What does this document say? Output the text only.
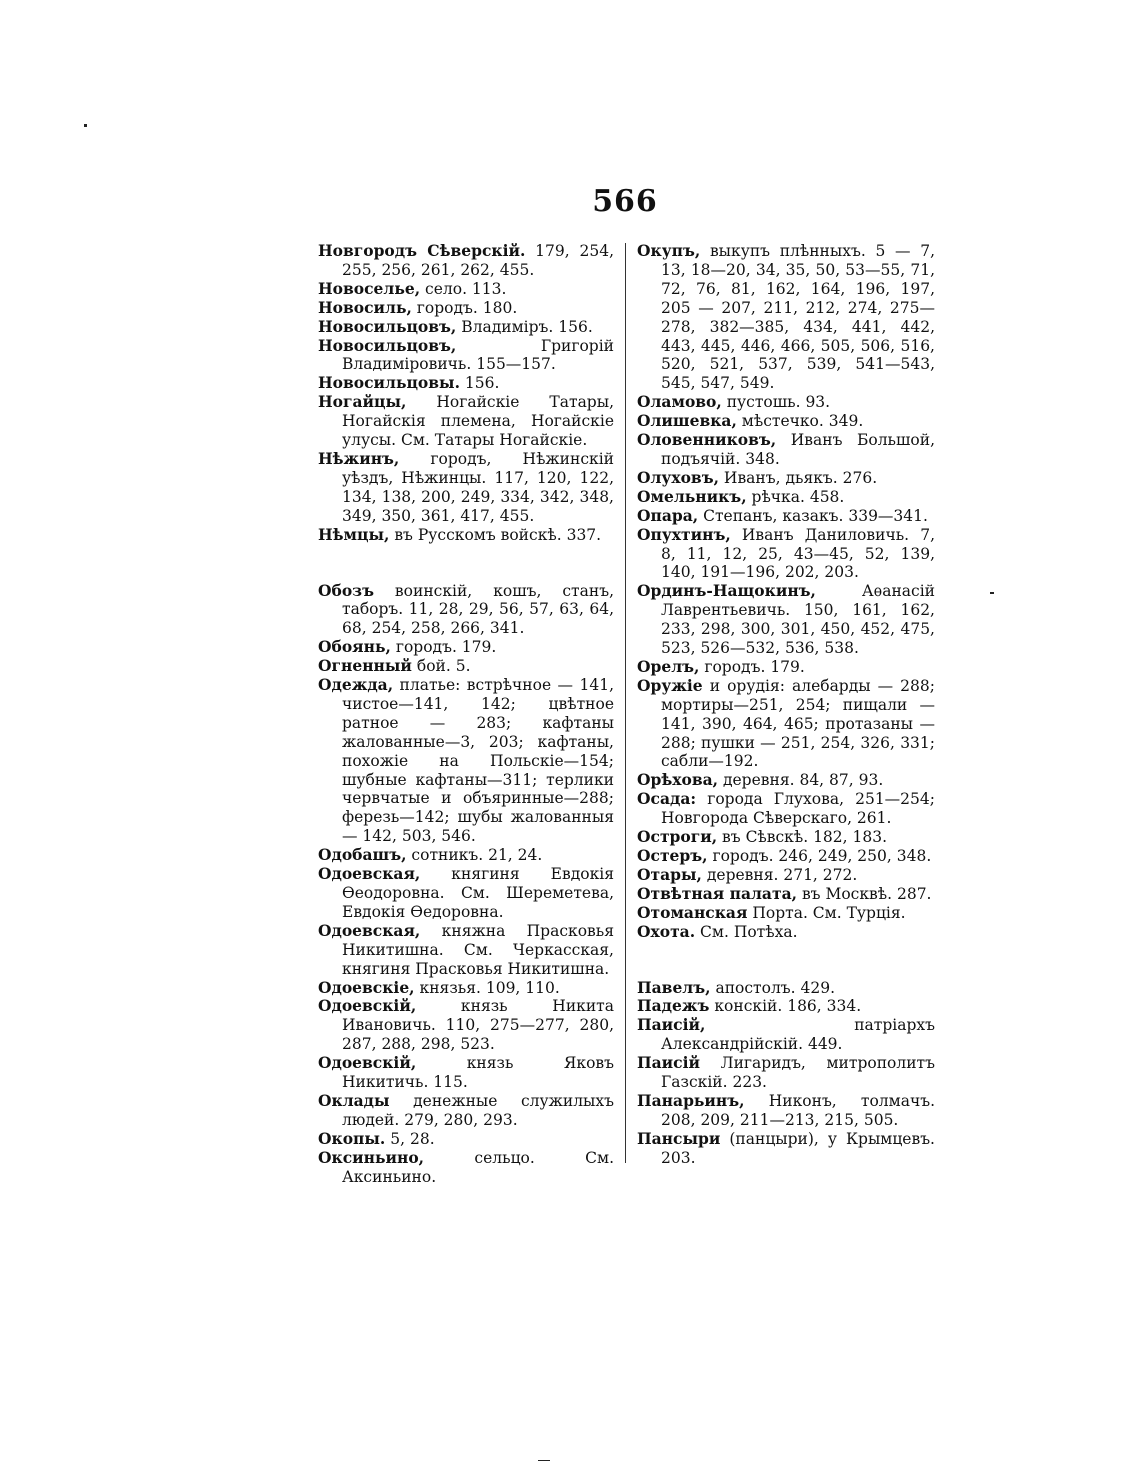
566
Новгородъ Сѣверскій. 179, 254, 255, 256, 261, 262, 455.
Новоселье, село. 113.
Новосиль, городъ. 180.
Новосильцовъ, Владиміръ. 156.
Новосильцовъ, Григорій Владиміровичь. 155—157.
Новосильцовы. 156.
Ногайцы, Ногайскіе Татары, Ногайскія племена, Ногайскіе улусы. См. Татары Ногайскіе.
Нѣжинъ, городъ, Нѣжинскій уѣздъ, Нѣжинцы. 117, 120, 122, 134, 138, 200, 249, 334, 342, 348, 349, 350, 361, 417, 455.
Нѣмцы, въ Русскомъ войскѣ. 337.
Обозъ воинскій, кошъ, станъ, таборъ. 11, 28, 29, 56, 57, 63, 64, 68, 254, 258, 266, 341.
Обоянь, городъ. 179.
Огненный бой. 5.
Одежда, платье: встрѣчное — 141, чистое—141, 142; цвѣтное ратное — 283; кафтаны жалованные—3, 203; кафтаны, похожіе на Польскіе—154; шубные кафтаны—311; терлики червчатые и объяринные—288; ферезь—142; шубы жалованныя — 142, 503, 546.
Одобашъ, сотникъ. 21, 24.
Одоевская, княгиня Евдокія Ѳеодоровна. См. Шереметева, Евдокія Ѳедоровна.
Одоевская, княжна Прасковья Никитишна. См. Черкасская, княгиня Прасковья Никитишна.
Одоевскіе, князья. 109, 110.
Одоевскій, князь Никита Ивановичь. 110, 275—277, 280, 287, 288, 298, 523.
Одоевскій, князь Яковъ Никитичь. 115.
Оклады денежные служилыхъ людей. 279, 280, 293.
Окопы. 5, 28.
Оксиньино, сельцо. См. Аксиньино.
Окупъ, выкупъ плѣнныхъ. 5 — 7, 13, 18—20, 34, 35, 50, 53—55, 71, 72, 76, 81, 162, 164, 196, 197, 205 — 207, 211, 212, 274, 275—278, 382—385, 434, 441, 442, 443, 445, 446, 466, 505, 506, 516, 520, 521, 537, 539, 541—543, 545, 547, 549.
Оламово, пустошь. 93.
Олишевка, мѣстечко. 349.
Оловенниковъ, Иванъ Большой, подъячій. 348.
Олуховъ, Иванъ, дьякъ. 276.
Омельникъ, рѣчка. 458.
Опара, Степанъ, казакъ. 339—341.
Опухтинъ, Иванъ Даниловичь. 7, 8, 11, 12, 25, 43—45, 52, 139, 140, 191—196, 202, 203.
Ординъ-Нащокинъ, Аѳанасій Лаврентьевичь. 150, 161, 162, 233, 298, 300, 301, 450, 452, 475, 523, 526—532, 536, 538.
Орелъ, городъ. 179.
Оружіе и орудія: алебарды — 288; мортиры—251, 254; пищали — 141, 390, 464, 465; протазаны —288; пушки — 251, 254, 326, 331; сабли—192.
Орѣхова, деревня. 84, 87, 93.
Осада: города Глухова, 251—254; Новгорода Сѣверскаго, 261.
Остроги, въ Сѣвскѣ. 182, 183.
Остеръ, городъ. 246, 249, 250, 348.
Отары, деревня. 271, 272.
Отвѣтная палата, въ Москвѣ. 287.
Отоманская Порта. См. Турція.
Охота. См. Потѣха.
Павелъ, апостолъ. 429.
Падежъ конскій. 186, 334.
Паисій, патріархъ Александрійскій. 449.
Паисій Лигаридъ, митрополитъ Газскій. 223.
Панарьинъ, Никонъ, толмачъ. 208, 209, 211—213, 215, 505.
Пансыри (панцыри), у Крымцевъ. 203.
